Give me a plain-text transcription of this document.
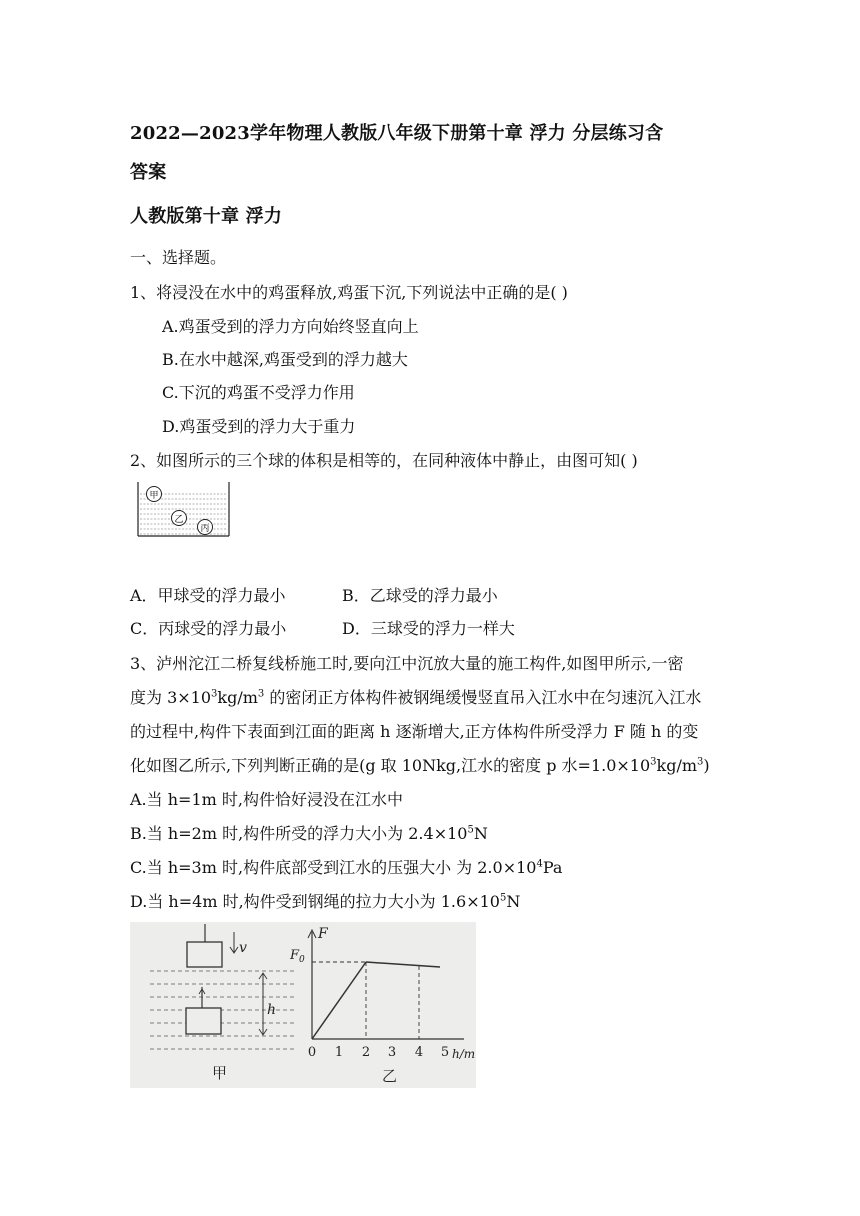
2022—2023学年物理人教版八年级下册第十章 浮力 分层练习含
答案
人教版第十章 浮力
一、选择题。
1、将浸没在水中的鸡蛋释放,鸡蛋下沉,下列说法中正确的是( )
A.鸡蛋受到的浮力方向始终竖直向上
B.在水中越深,鸡蛋受到的浮力越大
C.下沉的鸡蛋不受浮力作用
D.鸡蛋受到的浮力大于重力
2、如图所示的三个球的体积是相等的，在同种液体中静止，由图可知( )
甲
乙
丙
A．甲球受的浮力最小	B．乙球受的浮力最小
C．丙球受的浮力最小	D．三球受的浮力一样大
3、泸州沱江二桥复线桥施工时,要向江中沉放大量的施工构件,如图甲所示,一密
度为 $3\times 10^3kg/m^3$ 的密闭正方体构件被钢绳缓慢竖直吊入江水中在匀速沉入江水
的过程中,构件下表面到江面的距离 h 逐渐增大,正方体构件所受浮力 F 随 h 的变
化如图乙所示,下列判断正确的是(g 取 10Nkg,江水的密度 p 水$=1.0\times 10^3kg/m^3$)
A.当 h=1m 时,构件恰好浸没在江水中
B.当 h=2m 时,构件所受的浮力大小为 $2.4\times 10^5N$
C.当 h=3m 时,构件底部受到江水的压强大小 为 $2.0\times 10^4Pa$
D.当 h=4m 时,构件受到钢绳的拉力大小为 $1.6\times 10^5N$
v
h
甲
F
$F_0$
0 1 2 3 4 5 h/m
乙
